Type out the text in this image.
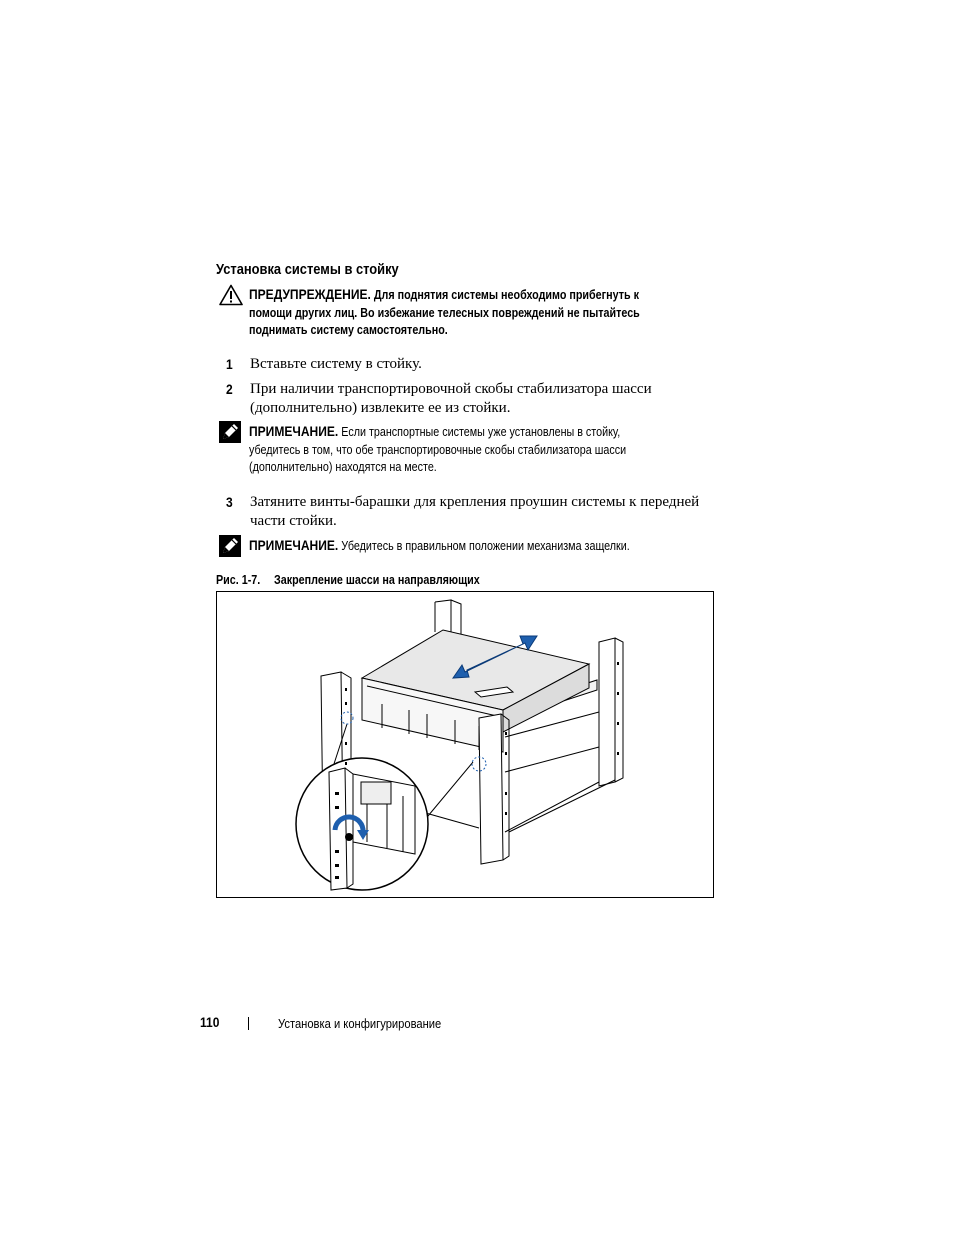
Установка системы в стойку
ПРЕДУПРЕЖДЕНИЕ. Для поднятия системы необходимо прибегнуть к
помощи других лиц. Во избежание телесных повреждений не пытайтесь
поднимать систему самостоятельно.
1 Вставьте систему в стойку.
2 При наличии транспортировочной скобы стабилизатора шасси
(дополнительно) извлеките ее из стойки.
ПРИМЕЧАНИЕ. Если транспортные системы уже установлены в стойку,
убедитесь в том, что обе транспортировочные скобы стабилизатора шасси
(дополнительно) находятся на месте.
3 Затяните винты-барашки для крепления проушин системы к передней
части стойки.
ПРИМЕЧАНИЕ. Убедитесь в правильном положении механизма защелки.
Рис. 1-7. Закрепление шасси на направляющих
110	Установка и конфигурирование
